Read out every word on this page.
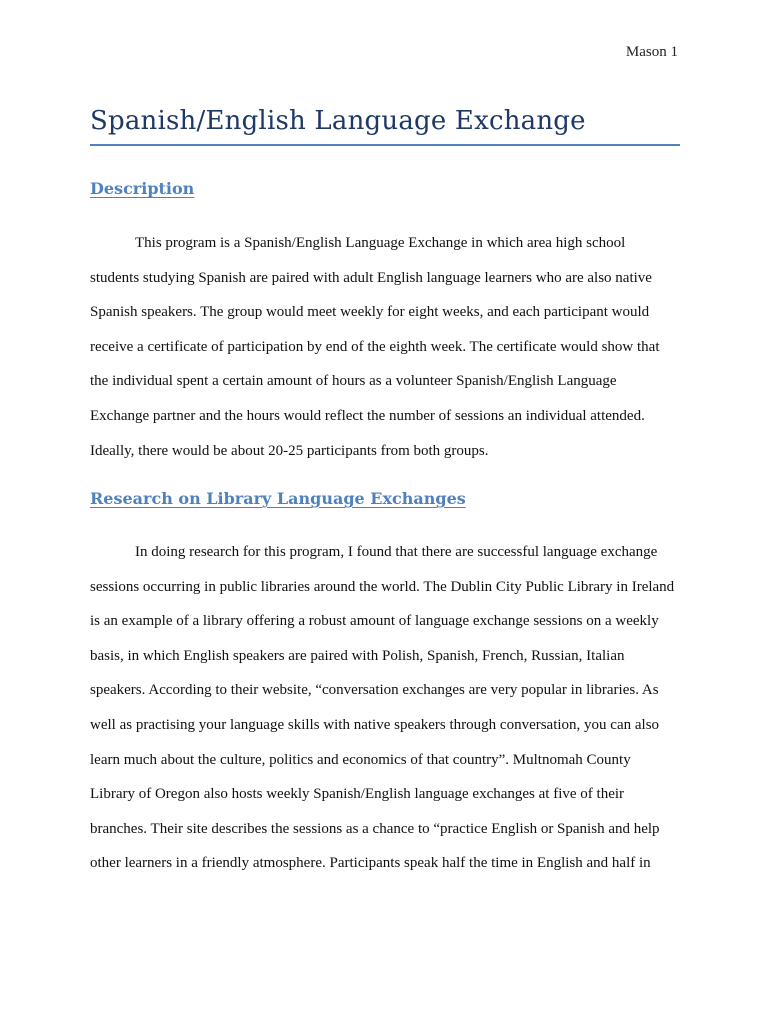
Mason 1
Spanish/English Language Exchange
Description
This program is a Spanish/English Language Exchange in which area high school
students studying Spanish are paired with adult English language learners who are also native
Spanish speakers. The group would meet weekly for eight weeks, and each participant would
receive a certificate of participation by end of the eighth week. The certificate would show that
the individual spent a certain amount of hours as a volunteer Spanish/English Language
Exchange partner and the hours would reflect the number of sessions an individual attended.
Ideally, there would be about 20-25 participants from both groups.
Research on Library Language Exchanges
In doing research for this program, I found that there are successful language exchange
sessions occurring in public libraries around the world. The Dublin City Public Library in Ireland
is an example of a library offering a robust amount of language exchange sessions on a weekly
basis, in which English speakers are paired with Polish, Spanish, French, Russian, Italian
speakers. According to their website, “conversation exchanges are very popular in libraries. As
well as practising your language skills with native speakers through conversation, you can also
learn much about the culture, politics and economics of that country”. Multnomah County
Library of Oregon also hosts weekly Spanish/English language exchanges at five of their
branches. Their site describes the sessions as a chance to “practice English or Spanish and help
other learners in a friendly atmosphere. Participants speak half the time in English and half in
